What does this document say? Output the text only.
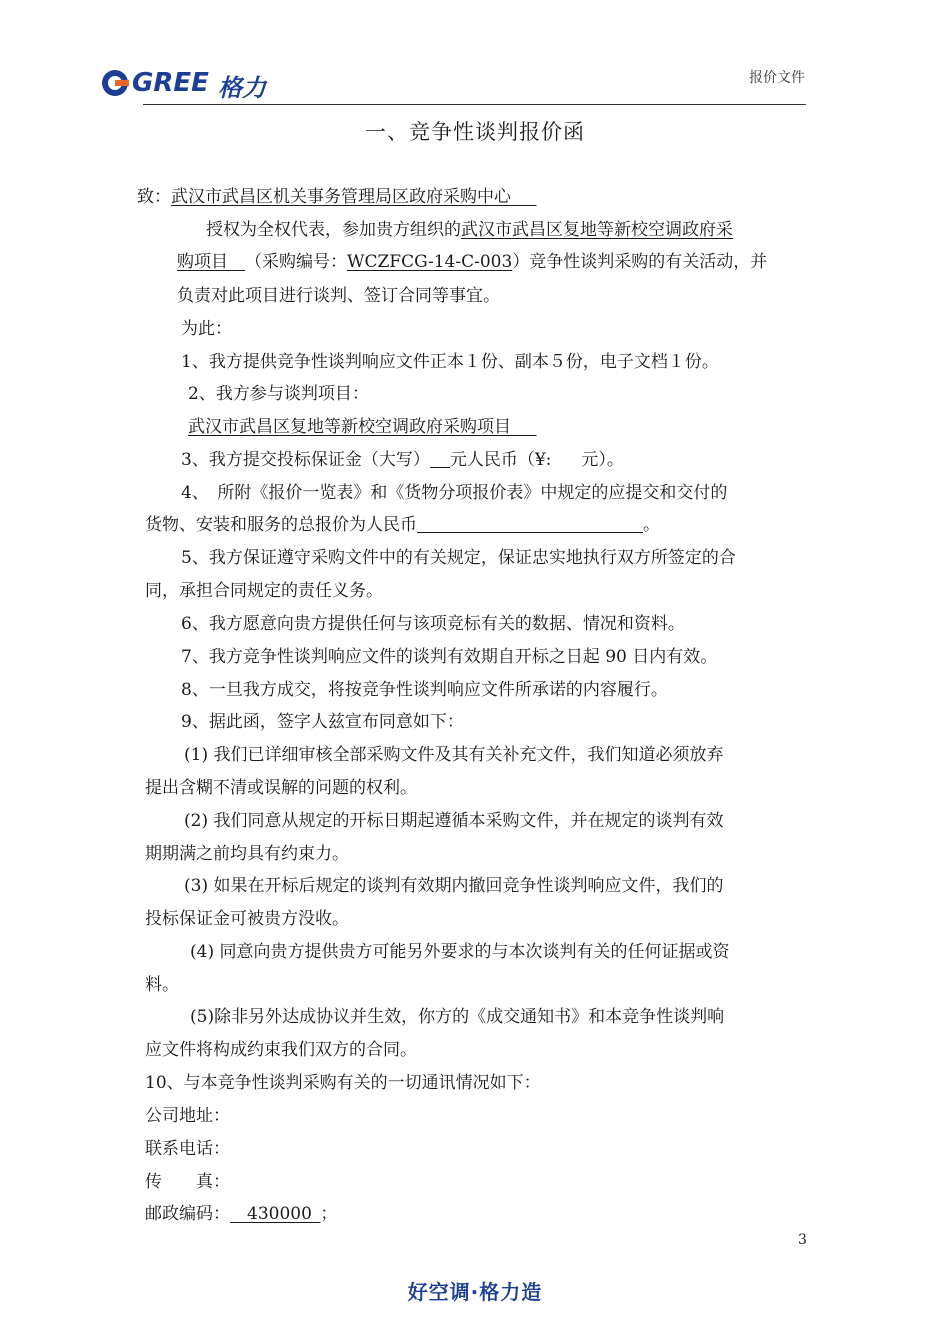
GREE 格力	报价文件
一、竞争性谈判报价函
致：武汉市武昌区机关事务管理局区政府采购中心  
授权为全权代表，参加贵方组织的武汉市武昌区复地等新校空调政府采
购项目  （采购编号：WCZFCG-14-C-003）竞争性谈判采购的有关活动，并
负责对此项目进行谈判、签订合同等事宜。
为此：
1、我方提供竞争性谈判响应文件正本１份、副本５份，电子文档１份。
2、我方参与谈判项目：
武汉市武昌区复地等新校空调政府采购项目  
3、我方提交投标保证金（大写） 元人民币（¥: 元）。
4、　所附《报价一览表》和《货物分项报价表》中规定的应提交和交付的
货物、安装和服务的总报价为人民币	。
5、我方保证遵守采购文件中的有关规定，保证忠实地执行双方所签定的合
同，承担合同规定的责任义务。
6、我方愿意向贵方提供任何与该项竞标有关的数据、情况和资料。
7、我方竞争性谈判响应文件的谈判有效期自开标之日起 90 日内有效。
8、一旦我方成交，将按竞争性谈判响应文件所承诺的内容履行。
9、据此函，签字人兹宣布同意如下：
(1) 我们已详细审核全部采购文件及其有关补充文件，我们知道必须放弃
提出含糊不清或误解的问题的权利。
(2) 我们同意从规定的开标日期起遵循本采购文件，并在规定的谈判有效
期期满之前均具有约束力。
(3) 如果在开标后规定的谈判有效期内撤回竞争性谈判响应文件，我们的
投标保证金可被贵方没收。
(4) 同意向贵方提供贵方可能另外要求的与本次谈判有关的任何证据或资
料。
(5)除非另外达成协议并生效，你方的《成交通知书》和本竞争性谈判响
应文件将构成约束我们双方的合同。
10、与本竞争性谈判采购有关的一切通讯情况如下：
公司地址：
联系电话：
传　　真：
邮政编码：   430000  ；
3
好空调·格力造
